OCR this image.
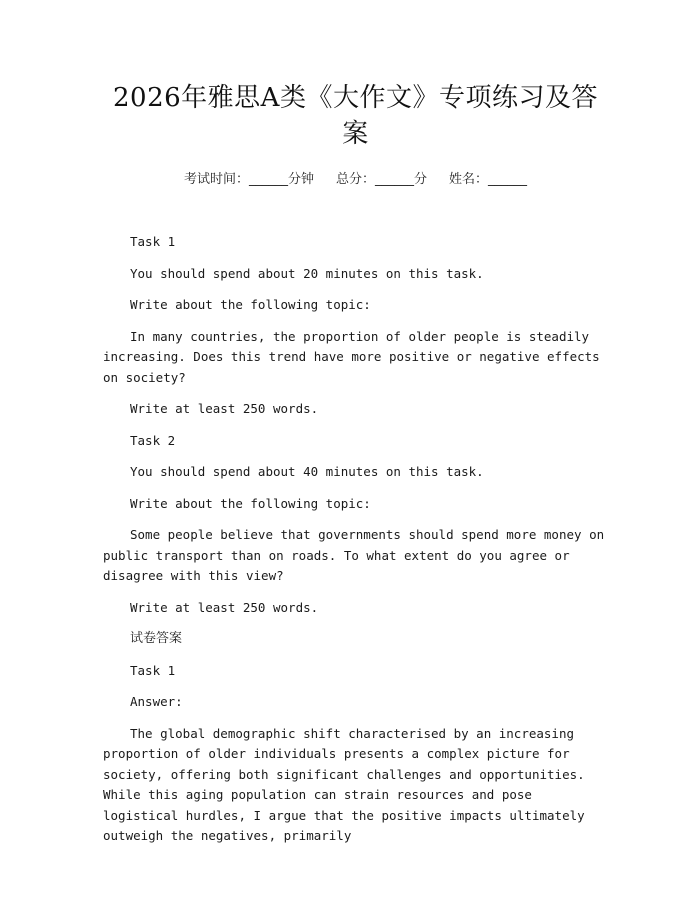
2026年雅思A类《大作文》专项练习及答案
考试时间：______分钟 总分：______分 姓名：______

Task 1

You should spend about 20 minutes on this task.

Write about the following topic:

In many countries, the proportion of older people is steadily increasing. Does this trend have more positive or negative effects on society?

Write at least 250 words.

Task 2

You should spend about 40 minutes on this task.

Write about the following topic:

Some people believe that governments should spend more money on public transport than on roads. To what extent do you agree or disagree with this view?

Write at least 250 words.

试卷答案

Task 1

Answer:

The global demographic shift characterised by an increasing proportion of older individuals presents a complex picture for society, offering both significant challenges and opportunities. While this aging population can strain resources and pose logistical hurdles, I argue that the positive impacts ultimately outweigh the negatives, primarily
